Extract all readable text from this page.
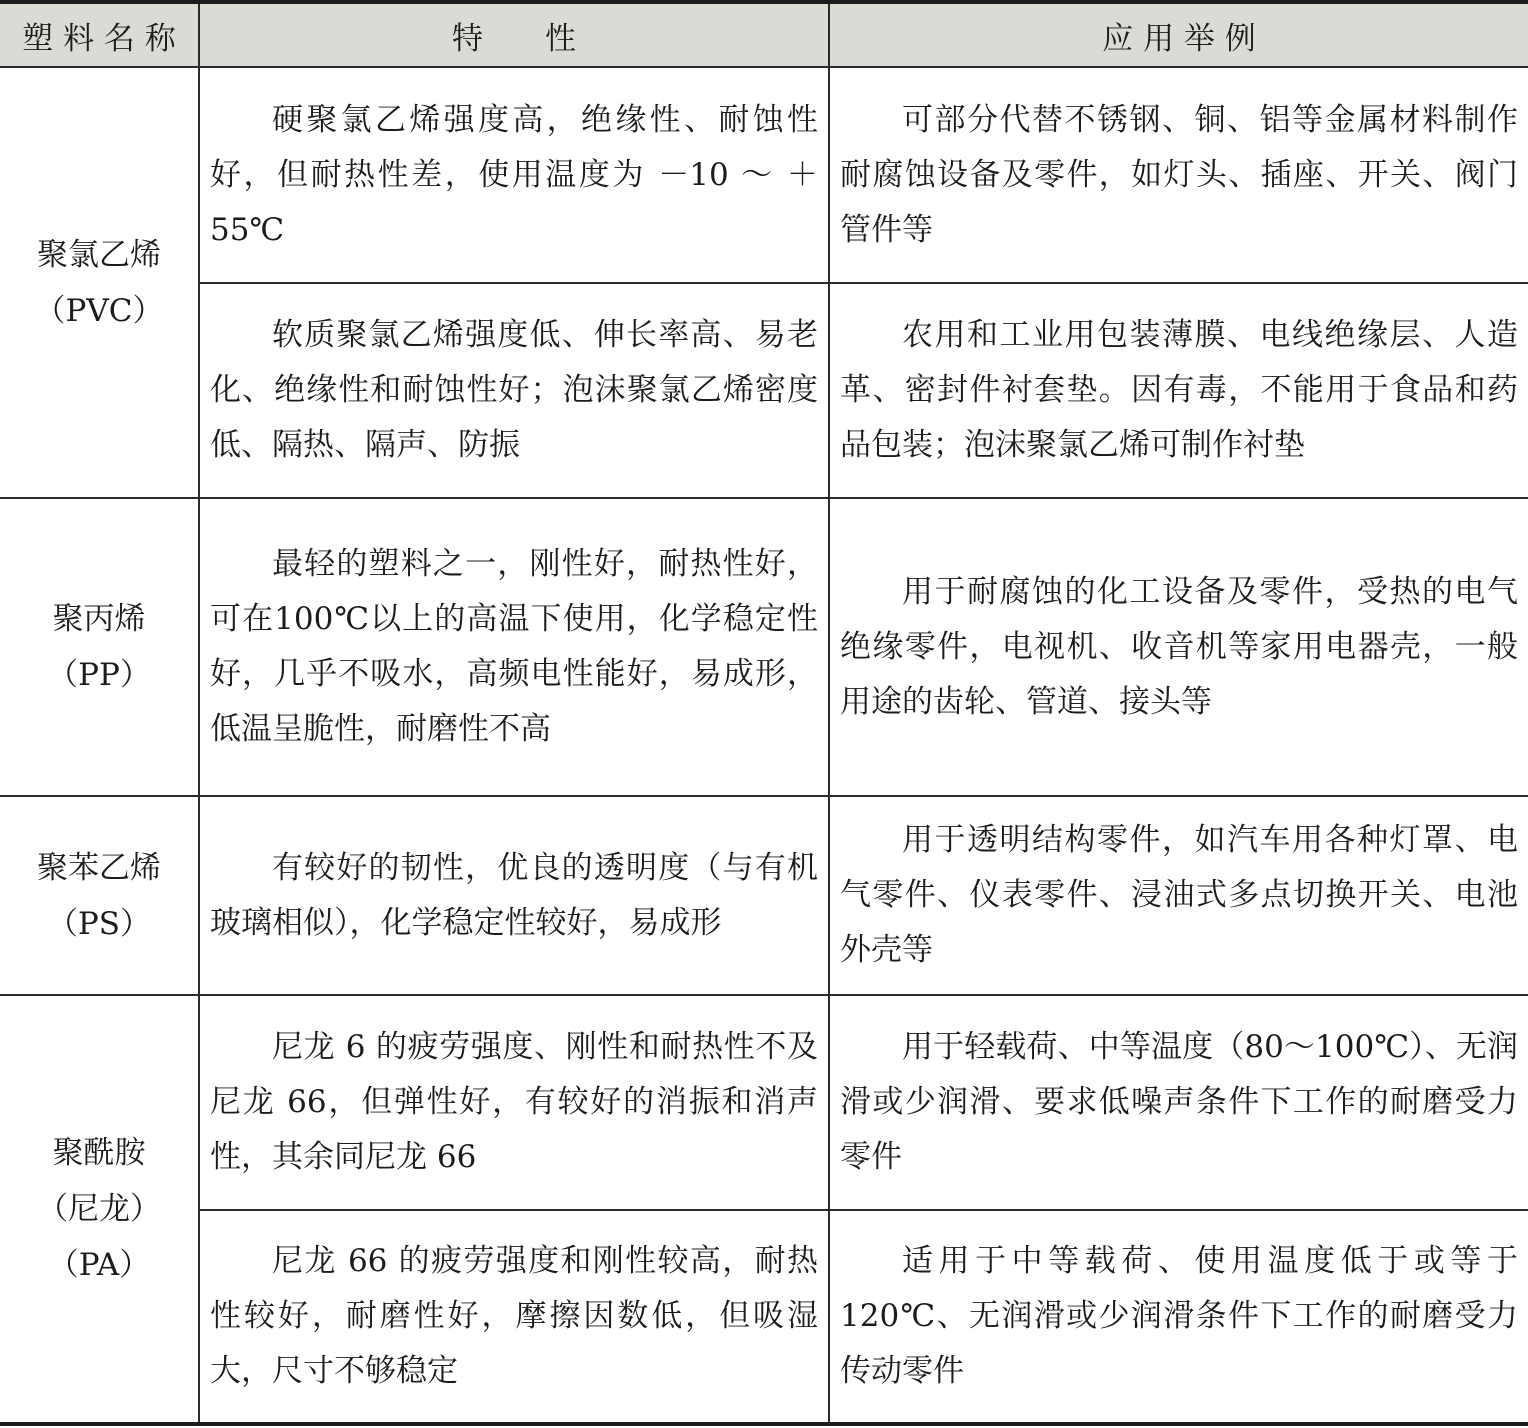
塑 料 名 称	特　　性	应 用 举 例

聚氯乙烯
（PVC）	硬聚氯乙烯强度高，绝缘性、耐蚀性好，但耐热性差，使用温度为 －10 ～ ＋55℃	可部分代替不锈钢、铜、铝等金属材料制作耐腐蚀设备及零件，如灯头、插座、开关、阀门管件等
	软质聚氯乙烯强度低、伸长率高、易老化、绝缘性和耐蚀性好；泡沫聚氯乙烯密度低、隔热、隔声、防振	农用和工业用包装薄膜、电线绝缘层、人造革、密封件衬套垫。因有毒，不能用于食品和药品包装；泡沫聚氯乙烯可制作衬垫

聚丙烯
（PP）	最轻的塑料之一，刚性好，耐热性好，可在100℃以上的高温下使用，化学稳定性好，几乎不吸水，高频电性能好，易成形，低温呈脆性，耐磨性不高	用于耐腐蚀的化工设备及零件，受热的电气绝缘零件，电视机、收音机等家用电器壳，一般用途的齿轮、管道、接头等

聚苯乙烯
（PS）	有较好的韧性，优良的透明度（与有机玻璃相似），化学稳定性较好，易成形	用于透明结构零件，如汽车用各种灯罩、电气零件、仪表零件、浸油式多点切换开关、电池外壳等

聚酰胺
（尼龙）
（PA）	尼龙 6 的疲劳强度、刚性和耐热性不及尼龙 66，但弹性好，有较好的消振和消声性，其余同尼龙 66	用于轻载荷、中等温度（80～100℃）、无润滑或少润滑、要求低噪声条件下工作的耐磨受力零件
	尼龙 66 的疲劳强度和刚性较高，耐热性较好，耐磨性好，摩擦因数低，但吸湿大，尺寸不够稳定	适用于中等载荷、使用温度低于或等于120℃、无润滑或少润滑条件下工作的耐磨受力传动零件
